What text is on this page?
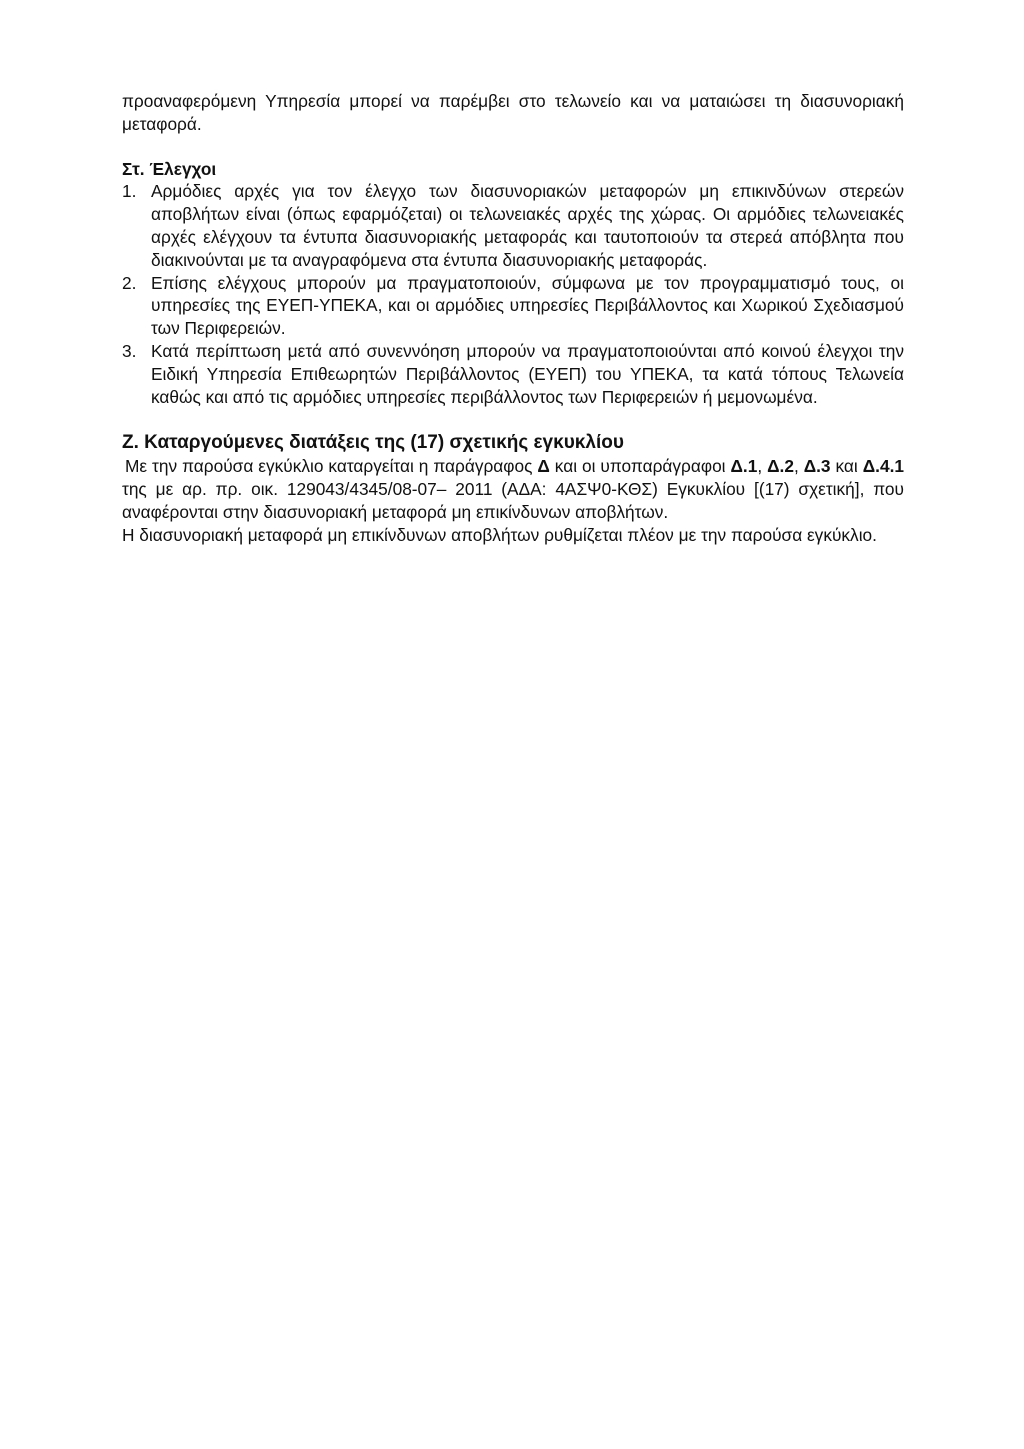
προαναφερόμενη Υπηρεσία μπορεί να παρέμβει στο τελωνείο και να ματαιώσει τη διασυνοριακή μεταφορά.

Στ. Έλεγχοι
1. Αρμόδιες αρχές για τον έλεγχο των διασυνοριακών μεταφορών μη επικινδύνων στερεών αποβλήτων είναι (όπως εφαρμόζεται) οι τελωνειακές αρχές της χώρας. Οι αρμόδιες τελωνειακές αρχές ελέγχουν τα έντυπα διασυνοριακής μεταφοράς και ταυτοποιούν τα στερεά απόβλητα που διακινούνται με τα αναγραφόμενα στα έντυπα διασυνοριακής μεταφοράς.
2. Επίσης ελέγχους μπορούν μα πραγματοποιούν, σύμφωνα με τον προγραμματισμό τους, οι υπηρεσίες της ΕΥΕΠ-ΥΠΕΚΑ, και οι αρμόδιες υπηρεσίες Περιβάλλοντος και Χωρικού Σχεδιασμού των Περιφερειών.
3. Κατά περίπτωση μετά από συνεννόηση μπορούν να πραγματοποιούνται από κοινού έλεγχοι την Ειδική Υπηρεσία Επιθεωρητών Περιβάλλοντος (ΕΥΕΠ) του ΥΠΕΚΑ, τα κατά τόπους Τελωνεία καθώς και από τις αρμόδιες υπηρεσίες περιβάλλοντος των Περιφερειών ή μεμονωμένα.
Ζ. Καταργούμενες διατάξεις της (17) σχετικής εγκυκλίου

Με την παρούσα εγκύκλιο καταργείται η παράγραφος Δ και οι υποπαράγραφοι Δ.1, Δ.2, Δ.3 και Δ.4.1 της με αρ. πρ. οικ. 129043/4345/08-07– 2011 (ΑΔΑ: 4ΑΣΨ0-ΚΘΣ) Εγκυκλίου [(17) σχετική], που αναφέρονται στην διασυνοριακή μεταφορά μη επικίνδυνων αποβλήτων.

Η διασυνοριακή μεταφορά μη επικίνδυνων αποβλήτων ρυθμίζεται πλέον με την παρούσα εγκύκλιο.
